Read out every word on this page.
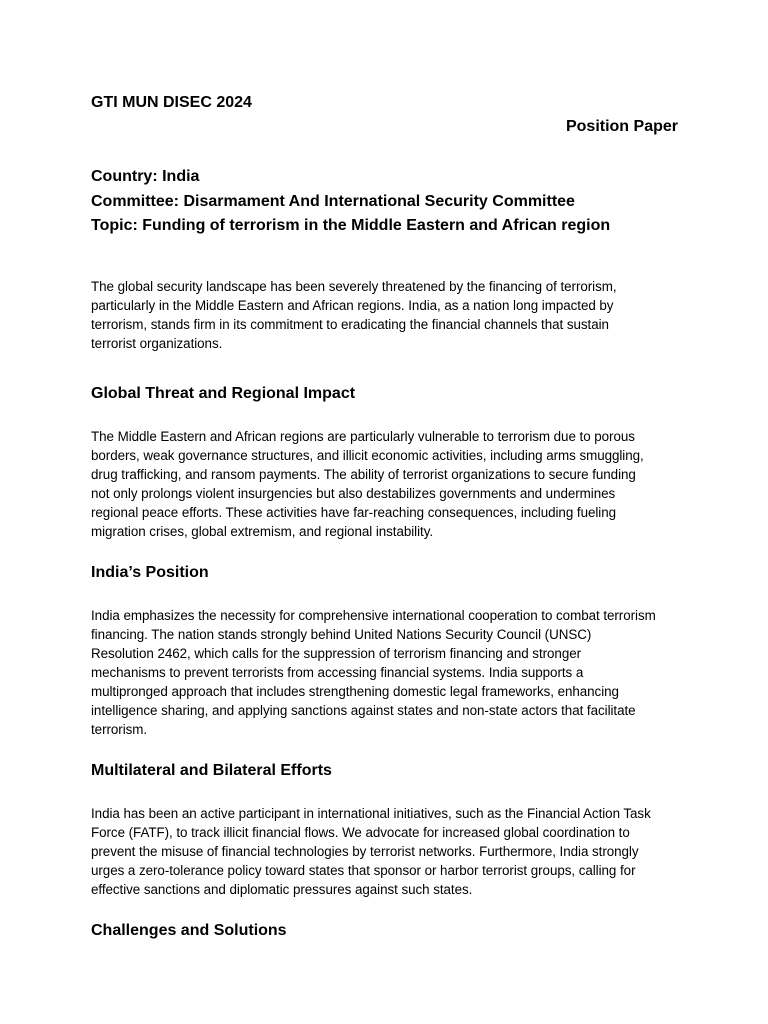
GTI MUN DISEC 2024
Position Paper

Country: India

Committee: Disarmament And International Security Committee

Topic: Funding of terrorism in the Middle Eastern and African region

The global security landscape has been severely threatened by the financing of terrorism,
particularly in the Middle Eastern and African regions. India, as a nation long impacted by
terrorism, stands firm in its commitment to eradicating the financial channels that sustain
terrorist organizations.

Global Threat and Regional Impact

The Middle Eastern and African regions are particularly vulnerable to terrorism due to porous
borders, weak governance structures, and illicit economic activities, including arms smuggling,
drug trafficking, and ransom payments. The ability of terrorist organizations to secure funding
not only prolongs violent insurgencies but also destabilizes governments and undermines
regional peace efforts. These activities have far-reaching consequences, including fueling
migration crises, global extremism, and regional instability.

India’s Position

India emphasizes the necessity for comprehensive international cooperation to combat terrorism
financing. The nation stands strongly behind United Nations Security Council (UNSC)
Resolution 2462, which calls for the suppression of terrorism financing and stronger
mechanisms to prevent terrorists from accessing financial systems. India supports a
multipronged approach that includes strengthening domestic legal frameworks, enhancing
intelligence sharing, and applying sanctions against states and non-state actors that facilitate
terrorism.

Multilateral and Bilateral Efforts

India has been an active participant in international initiatives, such as the Financial Action Task
Force (FATF), to track illicit financial flows. We advocate for increased global coordination to
prevent the misuse of financial technologies by terrorist networks. Furthermore, India strongly
urges a zero-tolerance policy toward states that sponsor or harbor terrorist groups, calling for
effective sanctions and diplomatic pressures against such states.

Challenges and Solutions
